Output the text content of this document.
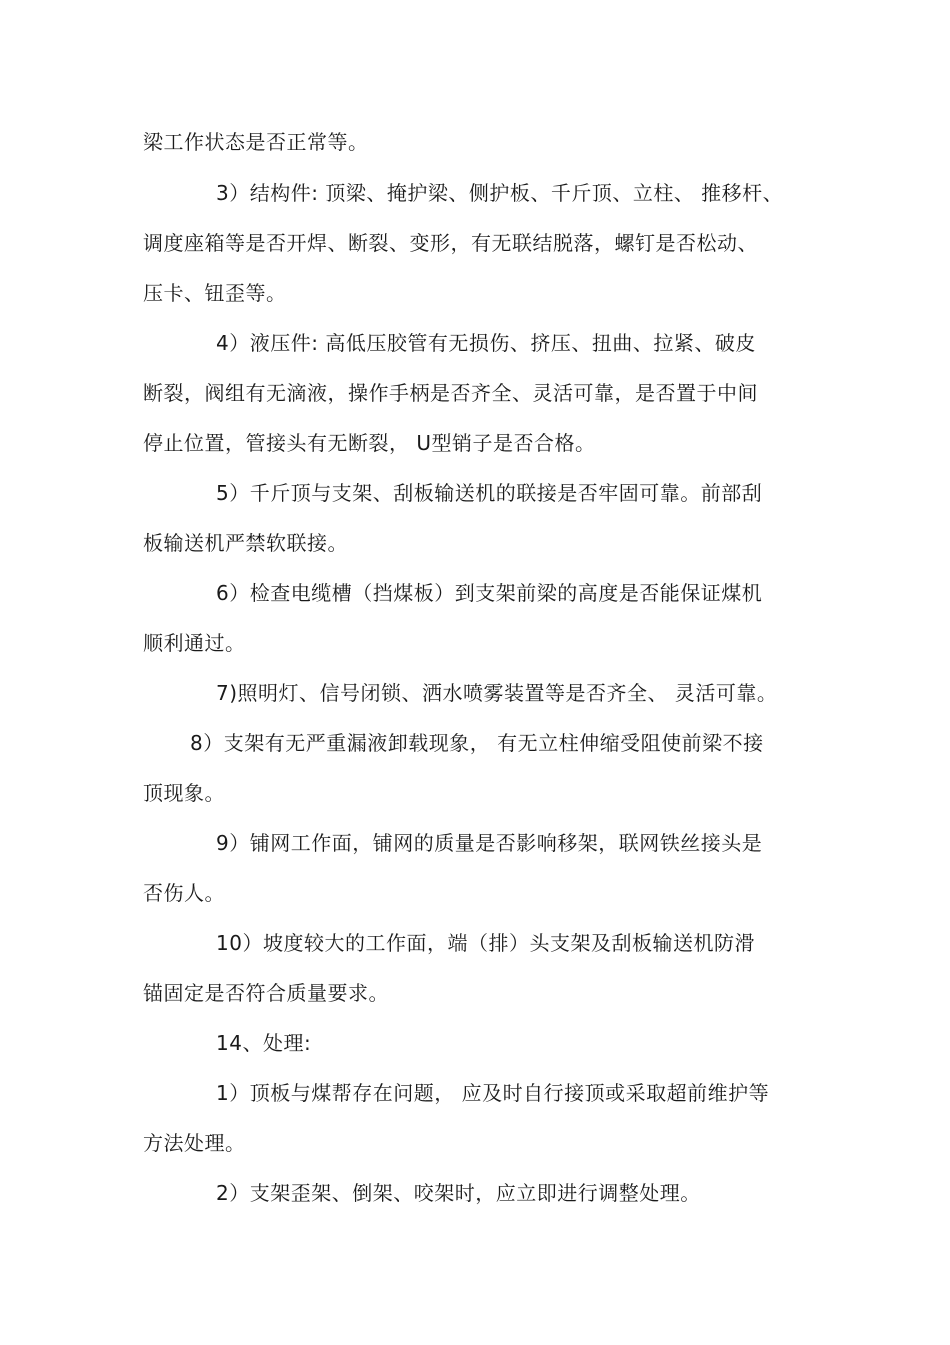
梁工作状态是否正常等。
3）结构件: 顶梁、掩护梁、侧护板、千斤顶、立柱、 推移杆、
调度座箱等是否开焊、断裂、变形，有无联结脱落，螺钉是否松动、
压卡、钮歪等。
4）液压件: 高低压胶管有无损伤、挤压、扭曲、拉紧、破皮
断裂，阀组有无滴液，操作手柄是否齐全、灵活可靠，是否置于中间
停止位置，管接头有无断裂， U型销子是否合格。
5）千斤顶与支架、刮板输送机的联接是否牢固可靠。前部刮
板输送机严禁软联接。
6）检查电缆槽（挡煤板）到支架前梁的高度是否能保证煤机
顺利通过。
7)照明灯、信号闭锁、洒水喷雾装置等是否齐全、 灵活可靠。
8）支架有无严重漏液卸载现象， 有无立柱伸缩受阻使前梁不接
顶现象。
9）铺网工作面，铺网的质量是否影响移架，联网铁丝接头是
否伤人。
10）坡度较大的工作面，端（排）头支架及刮板输送机防滑
锚固定是否符合质量要求。
14、处理:
1）顶板与煤帮存在问题， 应及时自行接顶或采取超前维护等
方法处理。
2）支架歪架、倒架、咬架时，应立即进行调整处理。
